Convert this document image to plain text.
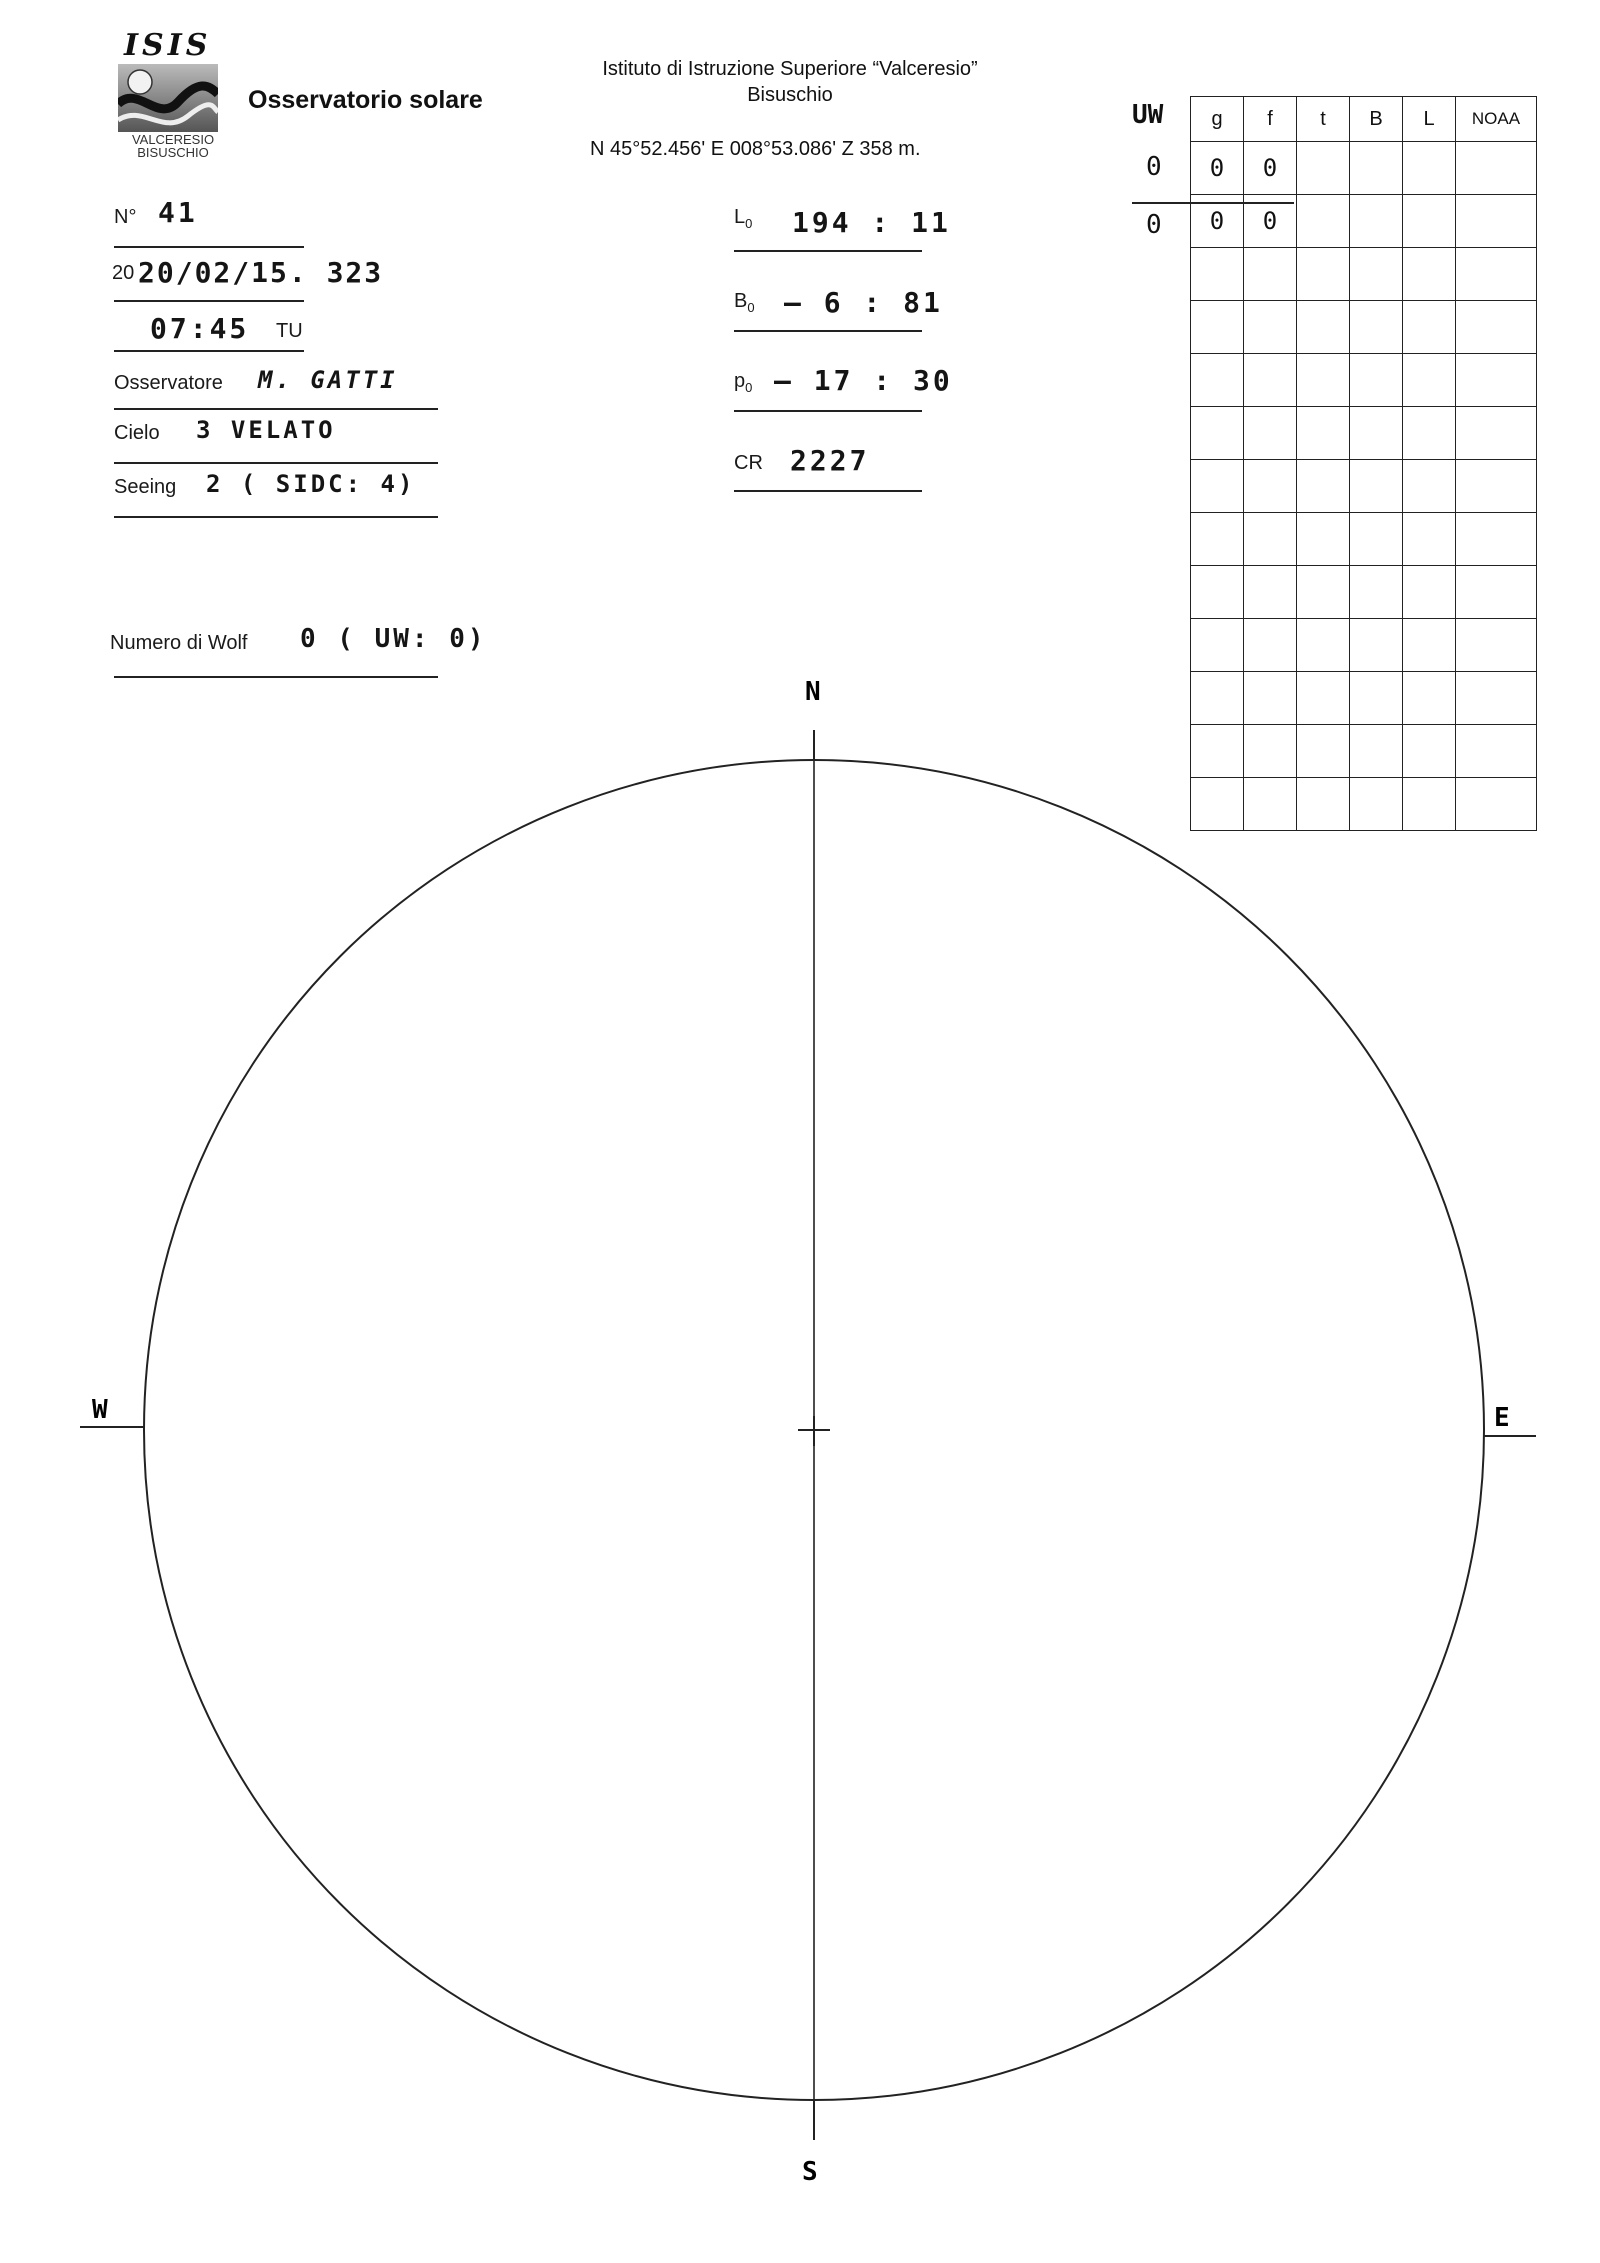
ISIS
VALCERESIO
BISUSCHIO
Osservatorio solare
Istituto di Istruzione Superiore “Valceresio”
Bisuschio
N 45°52.456' E 008°53.086' Z 358 m.
N° 41
20 20/02/15. 323
07:45 TU
Osservatore M. GATTI
Cielo 3 VELATO
Seeing 2 ( SIDC: 4)
Numero di Wolf 0 ( UW: 0)
$L_0$ 194 : 11
$B_0 - 6$ : 81
$p_0 - 17$ : 30
CR 2227
UW
0
0
g	f	t	B	L	NOAA
0	0				
0	0				

N
S
E
W
